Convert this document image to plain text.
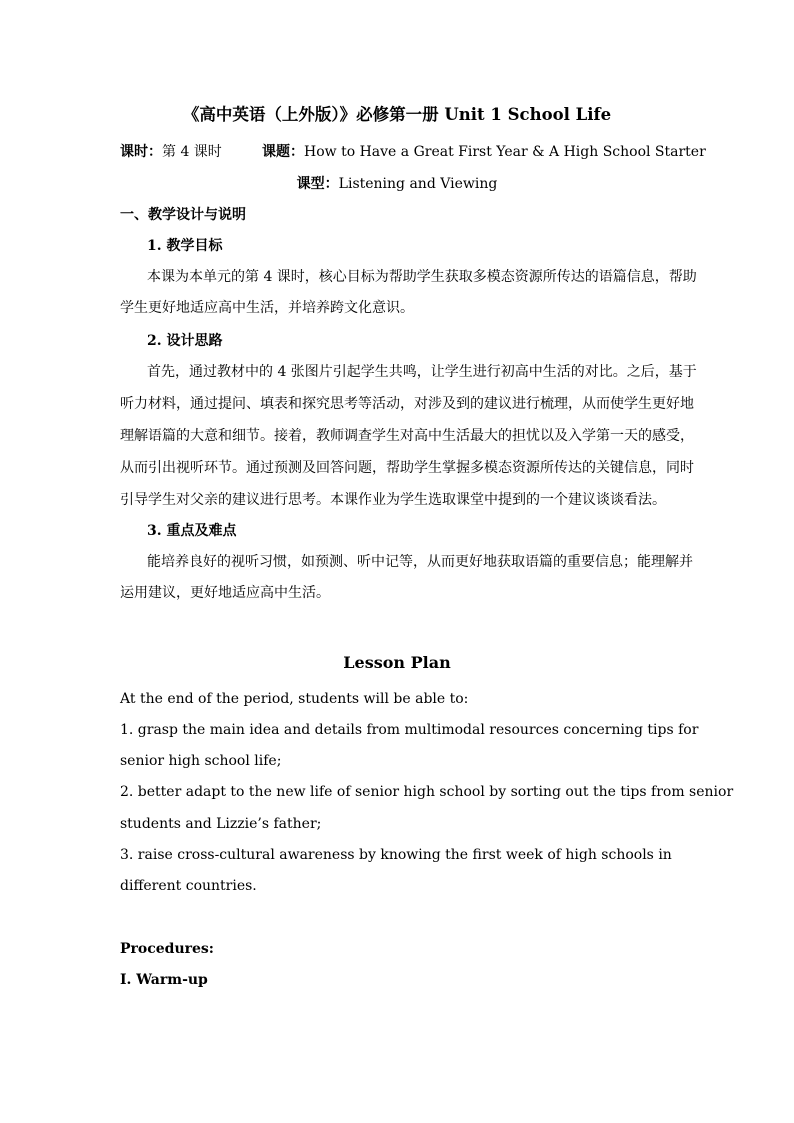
《高中英语（上外版）》必修第一册 Unit 1 School Life
课时：第 4 课时	课题：How to Have a Great First Year & A High School Starter
课型：Listening and Viewing
一、教学设计与说明
1. 教学目标
本课为本单元的第 4 课时，核心目标为帮助学生获取多模态资源所传达的语篇信息，帮助
学生更好地适应高中生活，并培养跨文化意识。
2. 设计思路
首先，通过教材中的 4 张图片引起学生共鸣，让学生进行初高中生活的对比。之后，基于
听力材料，通过提问、填表和探究思考等活动，对涉及到的建议进行梳理，从而使学生更好地
理解语篇的大意和细节。接着，教师调查学生对高中生活最大的担忧以及入学第一天的感受，
从而引出视听环节。通过预测及回答问题，帮助学生掌握多模态资源所传达的关键信息，同时
引导学生对父亲的建议进行思考。本课作业为学生选取课堂中提到的一个建议谈谈看法。
3. 重点及难点
能培养良好的视听习惯，如预测、听中记等，从而更好地获取语篇的重要信息；能理解并
运用建议，更好地适应高中生活。
Lesson Plan
At the end of the period, students will be able to:
1. grasp the main idea and details from multimodal resources concerning tips for
senior high school life;
2. better adapt to the new life of senior high school by sorting out the tips from senior
students and Lizzie’s father;
3. raise cross-cultural awareness by knowing the first week of high schools in
different countries.
Procedures:
I. Warm-up
